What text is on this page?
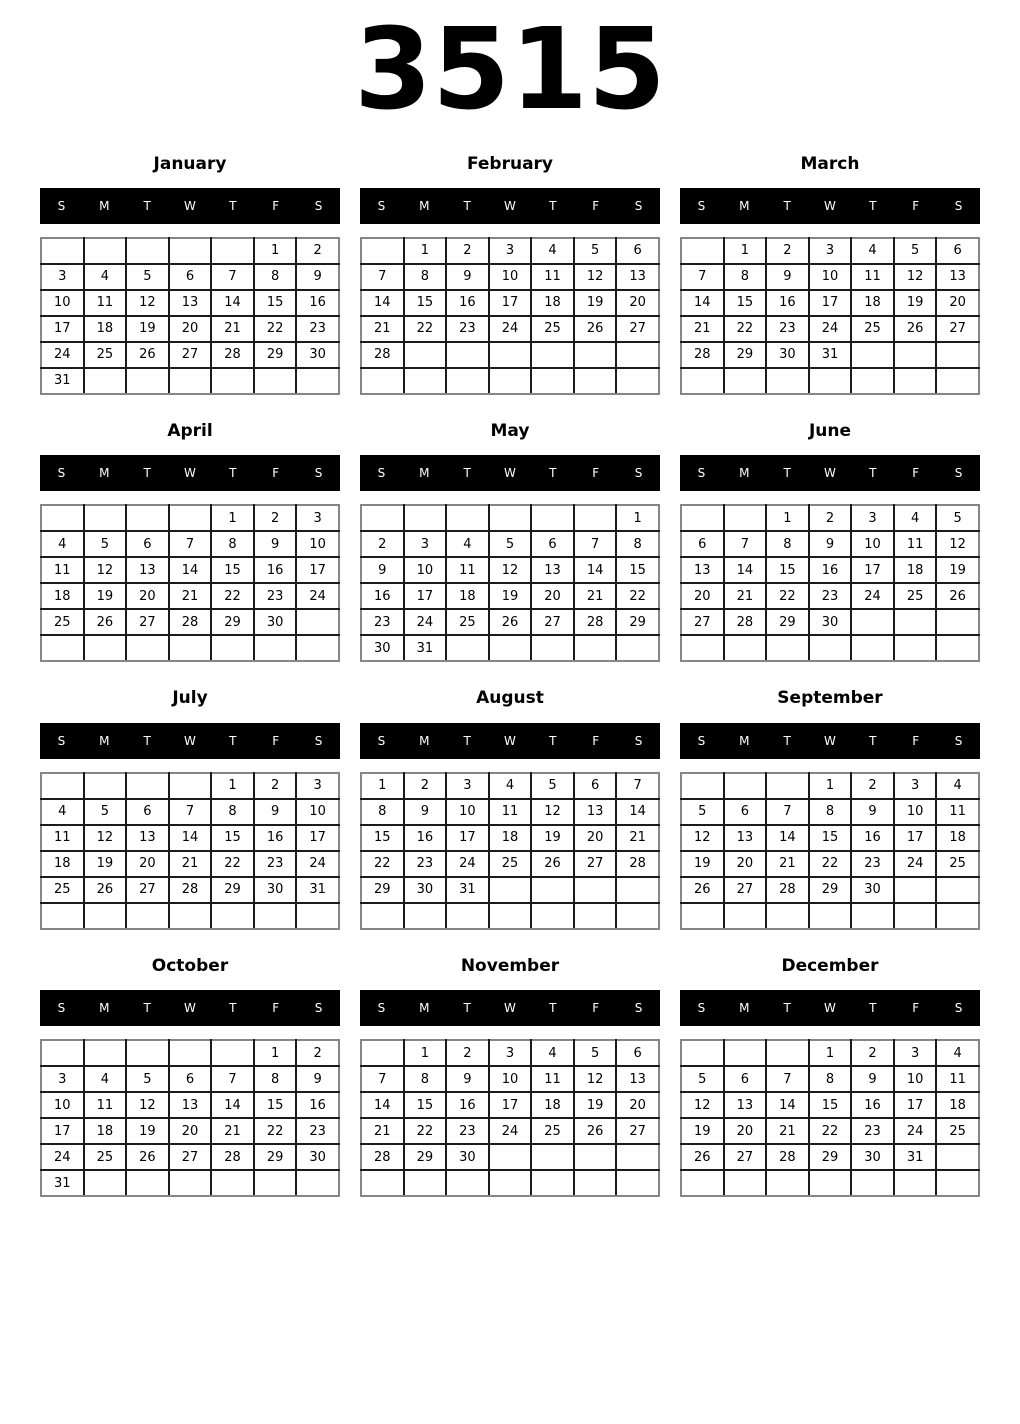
3515
January
S	M	T	W	T	F	S
					1	2
3	4	5	6	7	8	9
10	11	12	13	14	15	16
17	18	19	20	21	22	23
24	25	26	27	28	29	30
31						
February
S	M	T	W	T	F	S
	1	2	3	4	5	6
7	8	9	10	11	12	13
14	15	16	17	18	19	20
21	22	23	24	25	26	27
28						

March
S	M	T	W	T	F	S
	1	2	3	4	5	6
7	8	9	10	11	12	13
14	15	16	17	18	19	20
21	22	23	24	25	26	27
28	29	30	31			

April
S	M	T	W	T	F	S
				1	2	3
4	5	6	7	8	9	10
11	12	13	14	15	16	17
18	19	20	21	22	23	24
25	26	27	28	29	30	

May
S	M	T	W	T	F	S
						1
2	3	4	5	6	7	8
9	10	11	12	13	14	15
16	17	18	19	20	21	22
23	24	25	26	27	28	29
30	31					
June
S	M	T	W	T	F	S
		1	2	3	4	5
6	7	8	9	10	11	12
13	14	15	16	17	18	19
20	21	22	23	24	25	26
27	28	29	30			

July
S	M	T	W	T	F	S
				1	2	3
4	5	6	7	8	9	10
11	12	13	14	15	16	17
18	19	20	21	22	23	24
25	26	27	28	29	30	31

August
S	M	T	W	T	F	S
1	2	3	4	5	6	7
8	9	10	11	12	13	14
15	16	17	18	19	20	21
22	23	24	25	26	27	28
29	30	31				

September
S	M	T	W	T	F	S
			1	2	3	4
5	6	7	8	9	10	11
12	13	14	15	16	17	18
19	20	21	22	23	24	25
26	27	28	29	30		

October
S	M	T	W	T	F	S
					1	2
3	4	5	6	7	8	9
10	11	12	13	14	15	16
17	18	19	20	21	22	23
24	25	26	27	28	29	30
31						
November
S	M	T	W	T	F	S
	1	2	3	4	5	6
7	8	9	10	11	12	13
14	15	16	17	18	19	20
21	22	23	24	25	26	27
28	29	30				

December
S	M	T	W	T	F	S
			1	2	3	4
5	6	7	8	9	10	11
12	13	14	15	16	17	18
19	20	21	22	23	24	25
26	27	28	29	30	31	
